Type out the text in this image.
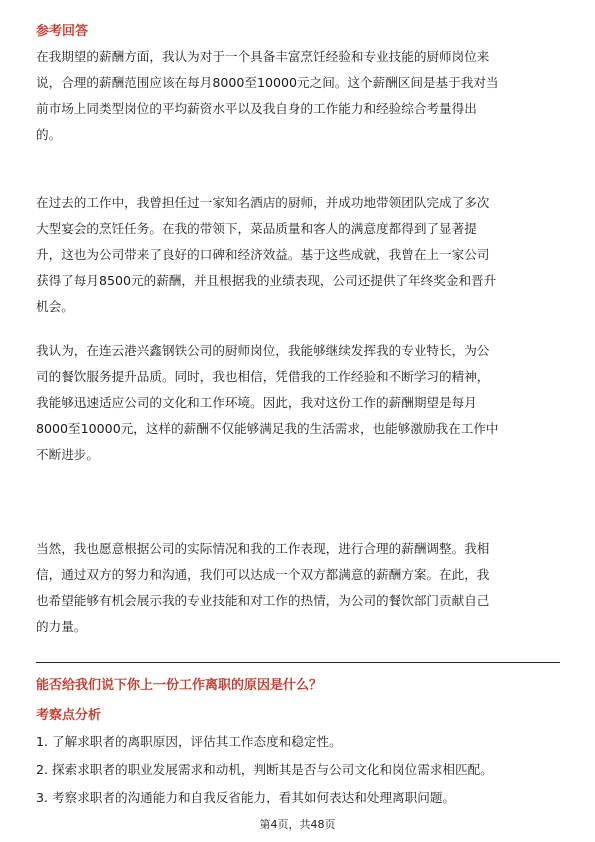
参考回答
在我期望的薪酬方面，我认为对于一个具备丰富烹饪经验和专业技能的厨师岗位来
说，合理的薪酬范围应该在每月8000至10000元之间。这个薪酬区间是基于我对当
前市场上同类型岗位的平均薪资水平以及我自身的工作能力和经验综合考量得出
的。
在过去的工作中，我曾担任过一家知名酒店的厨师，并成功地带领团队完成了多次
大型宴会的烹饪任务。在我的带领下，菜品质量和客人的满意度都得到了显著提
升，这也为公司带来了良好的口碑和经济效益。基于这些成就，我曾在上一家公司
获得了每月8500元的薪酬，并且根据我的业绩表现，公司还提供了年终奖金和晋升
机会。
我认为，在连云港兴鑫钢铁公司的厨师岗位，我能够继续发挥我的专业特长，为公
司的餐饮服务提升品质。同时，我也相信，凭借我的工作经验和不断学习的精神，
我能够迅速适应公司的文化和工作环境。因此，我对这份工作的薪酬期望是每月
8000至10000元，这样的薪酬不仅能够满足我的生活需求，也能够激励我在工作中
不断进步。
当然，我也愿意根据公司的实际情况和我的工作表现，进行合理的薪酬调整。我相
信，通过双方的努力和沟通，我们可以达成一个双方都满意的薪酬方案。在此，我
也希望能够有机会展示我的专业技能和对工作的热情，为公司的餐饮部门贡献自己
的力量。
能否给我们说下你上一份工作离职的原因是什么？
考察点分析
1. 了解求职者的离职原因，评估其工作态度和稳定性。
2. 探索求职者的职业发展需求和动机，判断其是否与公司文化和岗位需求相匹配。
3. 考察求职者的沟通能力和自我反省能力，看其如何表达和处理离职问题。
第4页，共48页
